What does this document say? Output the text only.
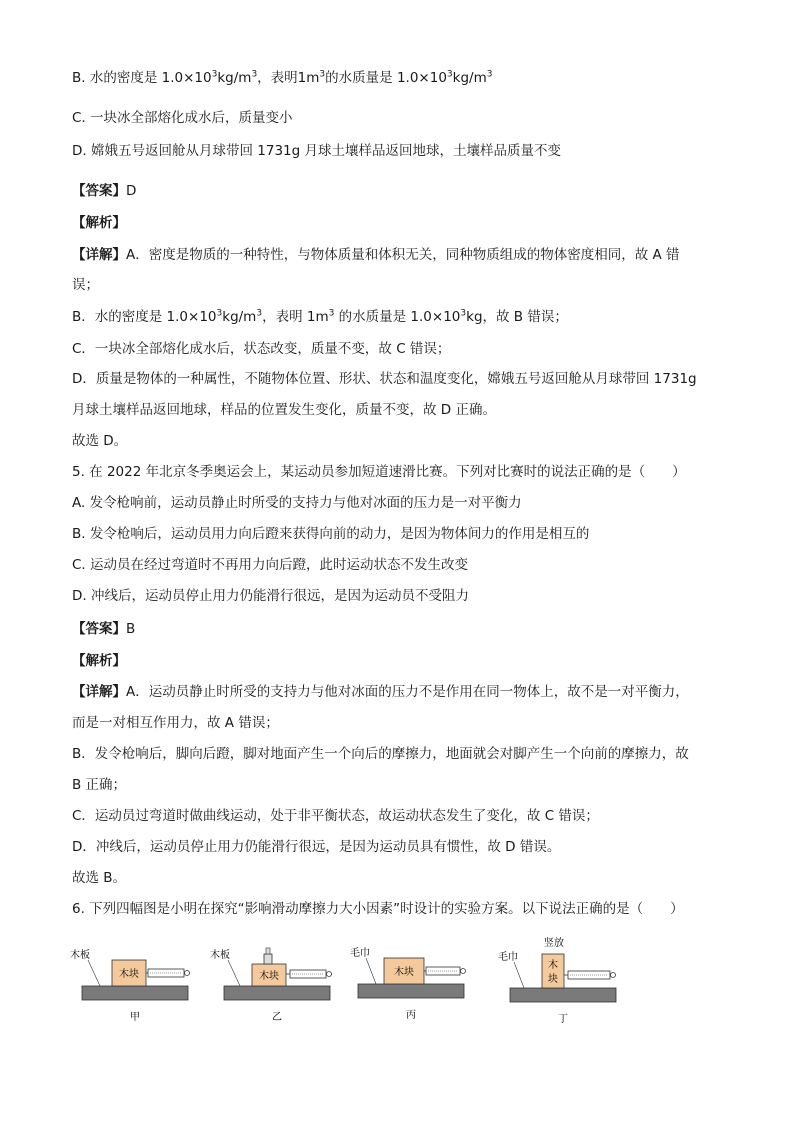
B. 水的密度是 $1.0\times 10^3kg/m^3$，表明$1m^3$的水质量是 $1.0\times 10^3kg/m^3$
C. 一块冰全部熔化成水后，质量变小
D. 嫦娥五号返回舱从月球带回 1731g 月球土壤样品返回地球，土壤样品质量不变
【答案】D
【解析】
【详解】A．密度是物质的一种特性，与物体质量和体积无关，同种物质组成的物体密度相同，故 A 错
误；
B．水的密度是 $1.0\times 10^3kg/m^3$，表明 $1m^3$ 的水质量是 $1.0\times 10^3kg$，故 B 错误；
C．一块冰全部熔化成水后，状态改变，质量不变，故 C 错误；
D．质量是物体的一种属性，不随物体位置、形状、状态和温度变化，嫦娥五号返回舱从月球带回 1731g
月球土壤样品返回地球，样品的位置发生变化，质量不变，故 D 正确。
故选 D。
5. 在 2022 年北京冬季奥运会上，某运动员参加短道速滑比赛。下列对比赛时的说法正确的是（　　）
A. 发令枪响前，运动员静止时所受的支持力与他对冰面的压力是一对平衡力
B. 发令枪响后，运动员用力向后蹬来获得向前的动力，是因为物体间力的作用是相互的
C. 运动员在经过弯道时不再用力向后蹬，此时运动状态不发生改变
D. 冲线后，运动员停止用力仍能滑行很远，是因为运动员不受阻力
【答案】B
【解析】
【详解】A．运动员静止时所受的支持力与他对冰面的压力不是作用在同一物体上，故不是一对平衡力，
而是一对相互作用力，故 A 错误；
B．发令枪响后，脚向后蹬，脚对地面产生一个向后的摩擦力，地面就会对脚产生一个向前的摩擦力，故
B 正确；
C．运动员过弯道时做曲线运动，处于非平衡状态，故运动状态发生了变化，故 C 错误；
D．冲线后，运动员停止用力仍能滑行很远，是因为运动员具有惯性，故 D 错误。
故选 B。
6. 下列四幅图是小明在探究“影响滑动摩擦力大小因素”时设计的实验方案。以下说法正确的是（　　）
木块
木板
甲
木块
木板
乙
木块
毛巾
丙
木
块
竖放
毛巾
丁
